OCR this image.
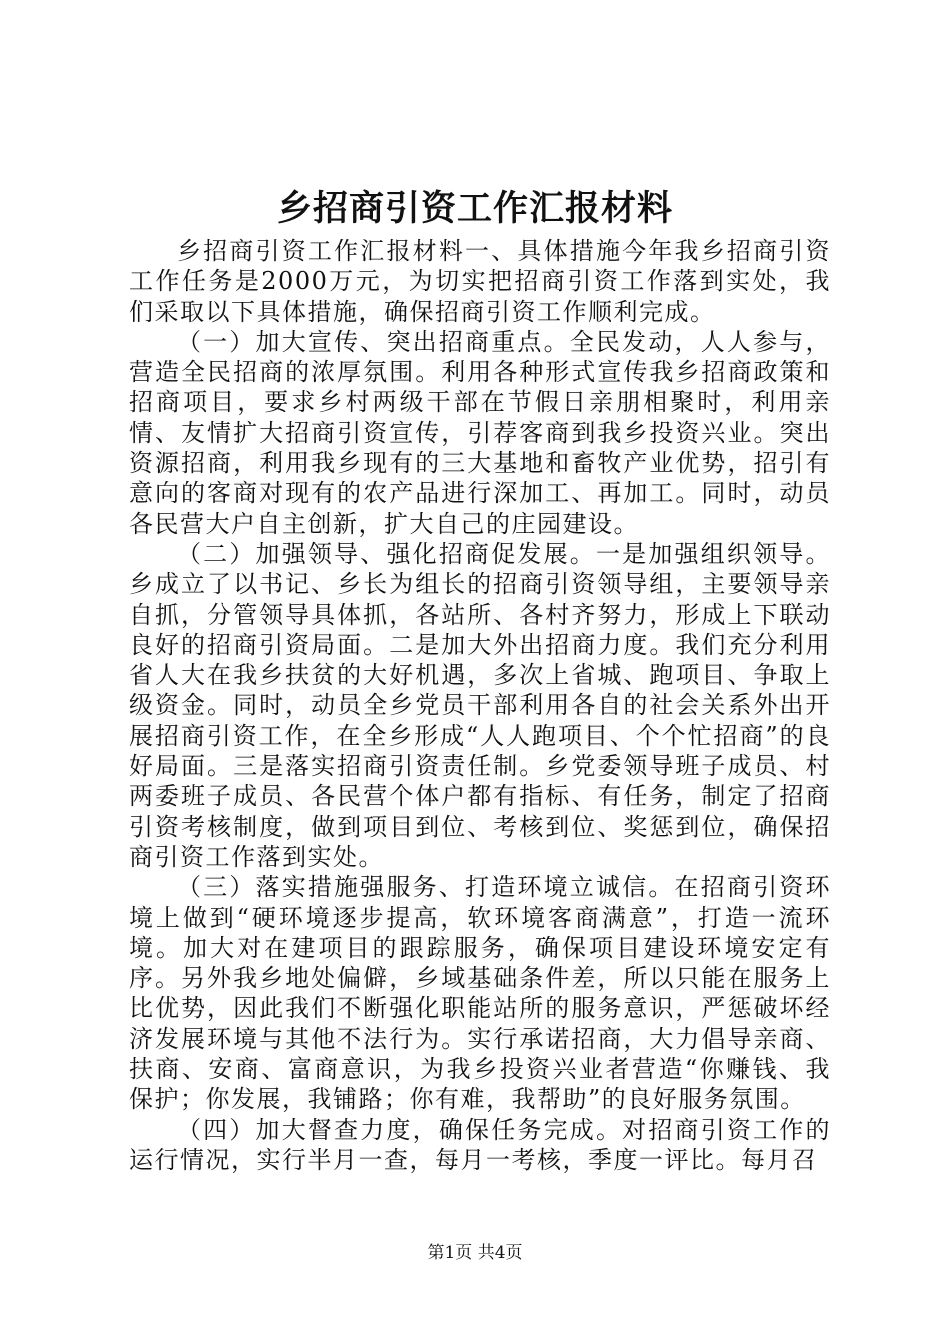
乡招商引资工作汇报材料

乡招商引资工作汇报材料一、具体措施今年我乡招商引资工作任务是2000万元，为切实把招商引资工作落到实处，我们采取以下具体措施，确保招商引资工作顺利完成。

（一）加大宣传、突出招商重点。全民发动，人人参与，营造全民招商的浓厚氛围。利用各种形式宣传我乡招商政策和招商项目，要求乡村两级干部在节假日亲朋相聚时，利用亲情、友情扩大招商引资宣传，引荐客商到我乡投资兴业。突出资源招商，利用我乡现有的三大基地和畜牧产业优势，招引有意向的客商对现有的农产品进行深加工、再加工。同时，动员各民营大户自主创新，扩大自己的庄园建设。

（二）加强领导、强化招商促发展。一是加强组织领导。乡成立了以书记、乡长为组长的招商引资领导组，主要领导亲自抓，分管领导具体抓，各站所、各村齐努力，形成上下联动良好的招商引资局面。二是加大外出招商力度。我们充分利用省人大在我乡扶贫的大好机遇，多次上省城、跑项目、争取上级资金。同时，动员全乡党员干部利用各自的社会关系外出开展招商引资工作，在全乡形成“人人跑项目、个个忙招商”的良好局面。三是落实招商引资责任制。乡党委领导班子成员、村两委班子成员、各民营个体户都有指标、有任务，制定了招商引资考核制度，做到项目到位、考核到位、奖惩到位，确保招商引资工作落到实处。

（三）落实措施强服务、打造环境立诚信。在招商引资环境上做到“硬环境逐步提高，软环境客商满意”，打造一流环境。加大对在建项目的跟踪服务，确保项目建设环境安定有序。另外我乡地处偏僻，乡域基础条件差，所以只能在服务上比优势，因此我们不断强化职能站所的服务意识，严惩破坏经济发展环境与其他不法行为。实行承诺招商，大力倡导亲商、扶商、安商、富商意识，为我乡投资兴业者营造“你赚钱、我保护；你发展，我铺路；你有难，我帮助”的良好服务氛围。

（四）加大督查力度，确保任务完成。对招商引资工作的运行情况，实行半月一查，每月一考核，季度一评比。每月召

第1页 共4页
